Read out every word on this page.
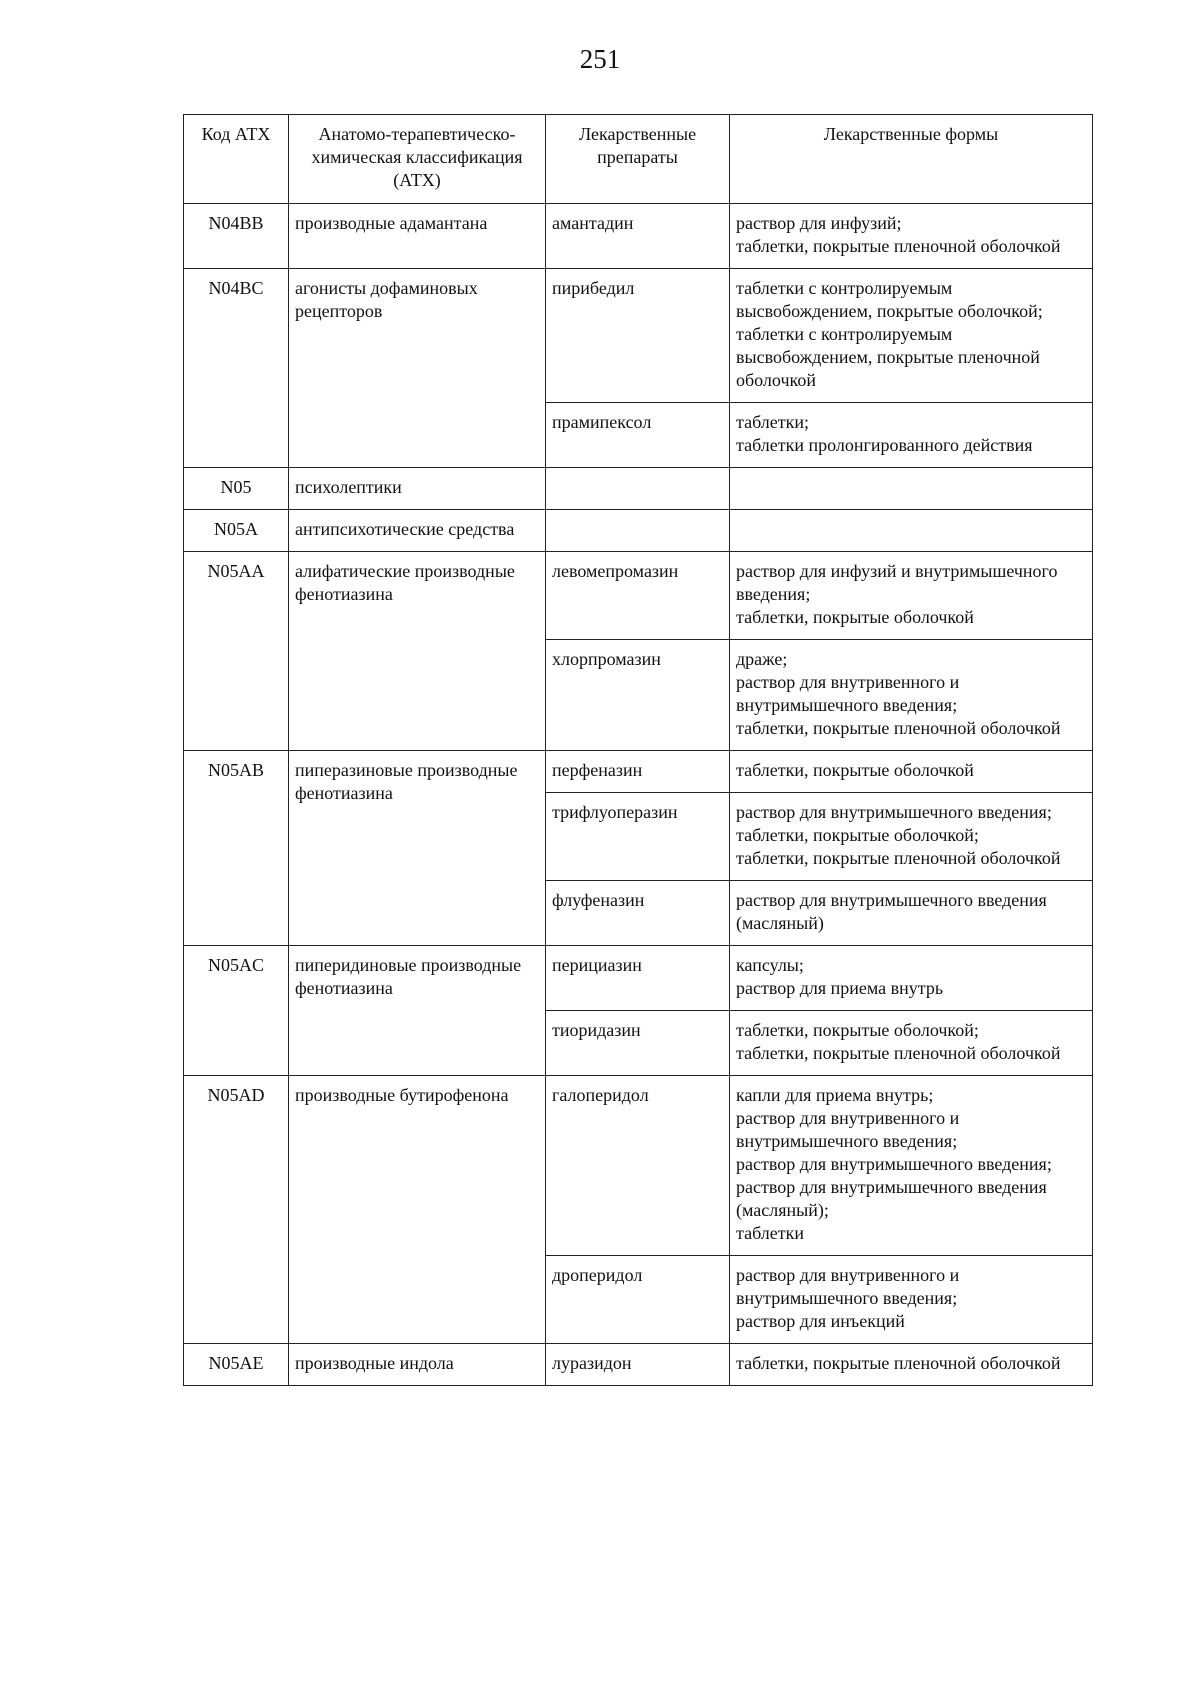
251
Код АТХ	Анатомо-терапевтическо-химическая классификация (АТХ)	Лекарственные препараты	Лекарственные формы
N04BB	производные адамантана	амантадин	раствор для инфузий;
таблетки, покрытые пленочной оболочкой

N04BC	агонисты дофаминовых рецепторов	пирибедил	таблетки с контролируемым высвобождением, покрытые оболочкой;
таблетки с контролируемым высвобождением, покрытые пленочной оболочкой

		прамипексол	таблетки;
таблетки пролонгированного действия

N05	психолептики		
N05A	антипсихотические средства		
N05AA	алифатические производные фенотиазина	левомепромазин	раствор для инфузий и внутримышечного введения;
таблетки, покрытые оболочкой

		хлорпромазин	драже;
раствор для внутривенного и внутримышечного введения;
таблетки, покрытые пленочной оболочкой

N05AB	пиперазиновые производные фенотиазина	перфеназин	таблетки, покрытые оболочкой

		трифлуоперазин	раствор для внутримышечного введения;
таблетки, покрытые оболочкой;
таблетки, покрытые пленочной оболочкой

		флуфеназин	раствор для внутримышечного введения (масляный)

N05AC	пиперидиновые производные фенотиазина	перициазин	капсулы;
раствор для приема внутрь

		тиоридазин	таблетки, покрытые оболочкой;
таблетки, покрытые пленочной оболочкой

N05AD	производные бутирофенона	галоперидол	капли для приема внутрь;
раствор для внутривенного и внутримышечного введения;
раствор для внутримышечного введения;
раствор для внутримышечного введения (масляный);
таблетки

		дроперидол	раствор для внутривенного и внутримышечного введения;
раствор для инъекций

N05AE	производные индола	луразидон	таблетки, покрытые пленочной оболочкой
